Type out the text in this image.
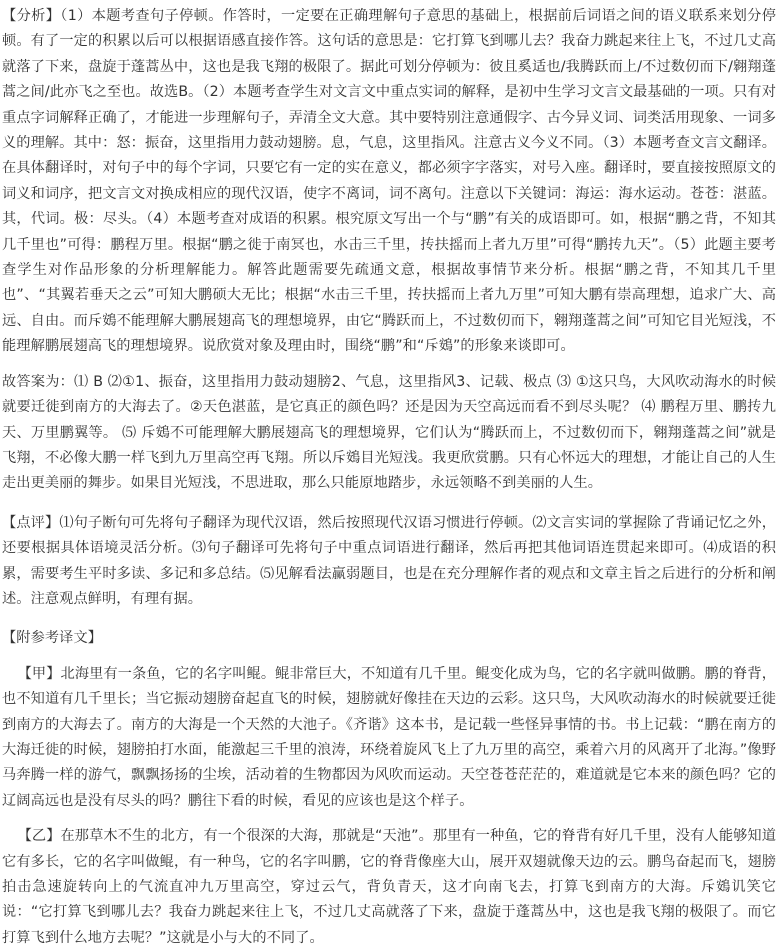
【分析】（1）本题考查句子停顿。作答时，一定要在正确理解句子意思的基础上，根据前后词语之间的语义联系来划分停顿。有了一定的积累以后可以根据语感直接作答。这句话的意思是：它打算飞到哪儿去？我奋力跳起来往上飞，不过几丈高就落了下来，盘旋于蓬蒿丛中，这也是我飞翔的极限了。据此可划分停顿为：彼且奚适也/我腾跃而上/不过数仞而下/翱翔蓬蒿之间/此亦飞之至也。故选B。（2）本题考查学生对文言文中重点实词的解释，是初中生学习文言文最基础的一项。只有对重点字词解释正确了，才能进一步理解句子，弄清全文大意。其中要特别注意通假字、古今异义词、词类活用现象、一词多义的理解。其中：怒：振奋，这里指用力鼓动翅膀。息，气息，这里指风。注意古义今义不同。（3）本题考查文言文翻译。在具体翻译时，对句子中的每个字词，只要它有一定的实在意义，都必须字字落实，对号入座。翻译时，要直接按照原文的词义和词序，把文言文对换成相应的现代汉语，使字不离词，词不离句。注意以下关键词：海运：海水运动。苍苍：湛蓝。其，代词。极：尽头。（4）本题考查对成语的积累。根究原文写出一个与“鹏”有关的成语即可。如，根据“鹏之背，不知其几千里也”可得：鹏程万里。根据“鹏之徙于南冥也，水击三千里，抟扶摇而上者九万里”可得“鹏抟九天”。（5）此题主要考查学生对作品形象的分析理解能力。解答此题需要先疏通文意，根据故事情节来分析。根据“鹏之背，不知其几千里也”、“其翼若垂天之云”可知大鹏硕大无比；根据“水击三千里，抟扶摇而上者九万里”可知大鹏有崇高理想，追求广大、高远、自由。而斥鴳不能理解大鹏展翅高飞的理想境界，由它“腾跃而上，不过数仞而下，翱翔蓬蒿之间”可知它目光短浅，不能理解鹏展翅高飞的理想境界。说欣赏对象及理由时，围绕“鹏”和“斥鴳”的形象来谈即可。

故答案为：⑴ B ⑵①1、振奋，这里指用力鼓动翅膀2、气息，这里指风3、记载、极点 ⑶ ①这只鸟，大风吹动海水的时候就要迁徙到南方的大海去了。②天色湛蓝，是它真正的颜色吗？还是因为天空高远而看不到尽头呢？ ⑷ 鹏程万里、鹏抟九天、万里鹏翼等。 ⑸ 斥鴳不可能理解大鹏展翅高飞的理想境界，它们认为“腾跃而上，不过数仞而下，翱翔蓬蒿之间”就是飞翔，不必像大鹏一样飞到九万里高空再飞翔。所以斥鴳目光短浅。我更欣赏鹏。只有心怀远大的理想，才能让自己的人生走出更美丽的舞步。如果目光短浅，不思进取，那么只能原地踏步，永远领略不到美丽的人生。

【点评】⑴句子断句可先将句子翻译为现代汉语，然后按照现代汉语习惯进行停顿。⑵文言实词的掌握除了背诵记忆之外，还要根据具体语境灵活分析。⑶句子翻译可先将句子中重点词语进行翻译，然后再把其他词语连贯起来即可。⑷成语的积累，需要考生平时多读、多记和多总结。⑸见解看法赢弱题目，也是在充分理解作者的观点和文章主旨之后进行的分析和阐述。注意观点鲜明，有理有据。

【附参考译文】

【甲】北海里有一条鱼，它的名字叫鲲。鲲非常巨大，不知道有几千里。鲲变化成为鸟，它的名字就叫做鹏。鹏的脊背，也不知道有几千里长；当它振动翅膀奋起直飞的时候，翅膀就好像挂在天边的云彩。这只鸟，大风吹动海水的时候就要迁徙到南方的大海去了。南方的大海是一个天然的大池子。《齐谐》这本书，是记载一些怪异事情的书。书上记载：“鹏在南方的大海迁徙的时候，翅膀拍打水面，能激起三千里的浪涛，环绕着旋风飞上了九万里的高空，乘着六月的风离开了北海。”像野马奔腾一样的游气，飘飘扬扬的尘埃，活动着的生物都因为风吹而运动。天空苍苍茫茫的，难道就是它本来的颜色吗？它的辽阔高远也是没有尽头的吗？鹏往下看的时候，看见的应该也是这个样子。

【乙】在那草木不生的北方，有一个很深的大海，那就是“天池”。那里有一种鱼，它的脊背有好几千里，没有人能够知道它有多长，它的名字叫做鲲，有一种鸟，它的名字叫鹏，它的脊背像座大山，展开双翅就像天边的云。鹏鸟奋起而飞，翅膀拍击急速旋转向上的气流直冲九万里高空，穿过云气，背负青天，这才向南飞去，打算飞到南方的大海。斥鴳讥笑它说：“它打算飞到哪儿去？我奋力跳起来往上飞，不过几丈高就落了下来，盘旋于蓬蒿丛中，这也是我飞翔的极限了。而它打算飞到什么地方去呢？”这就是小与大的不同了。
